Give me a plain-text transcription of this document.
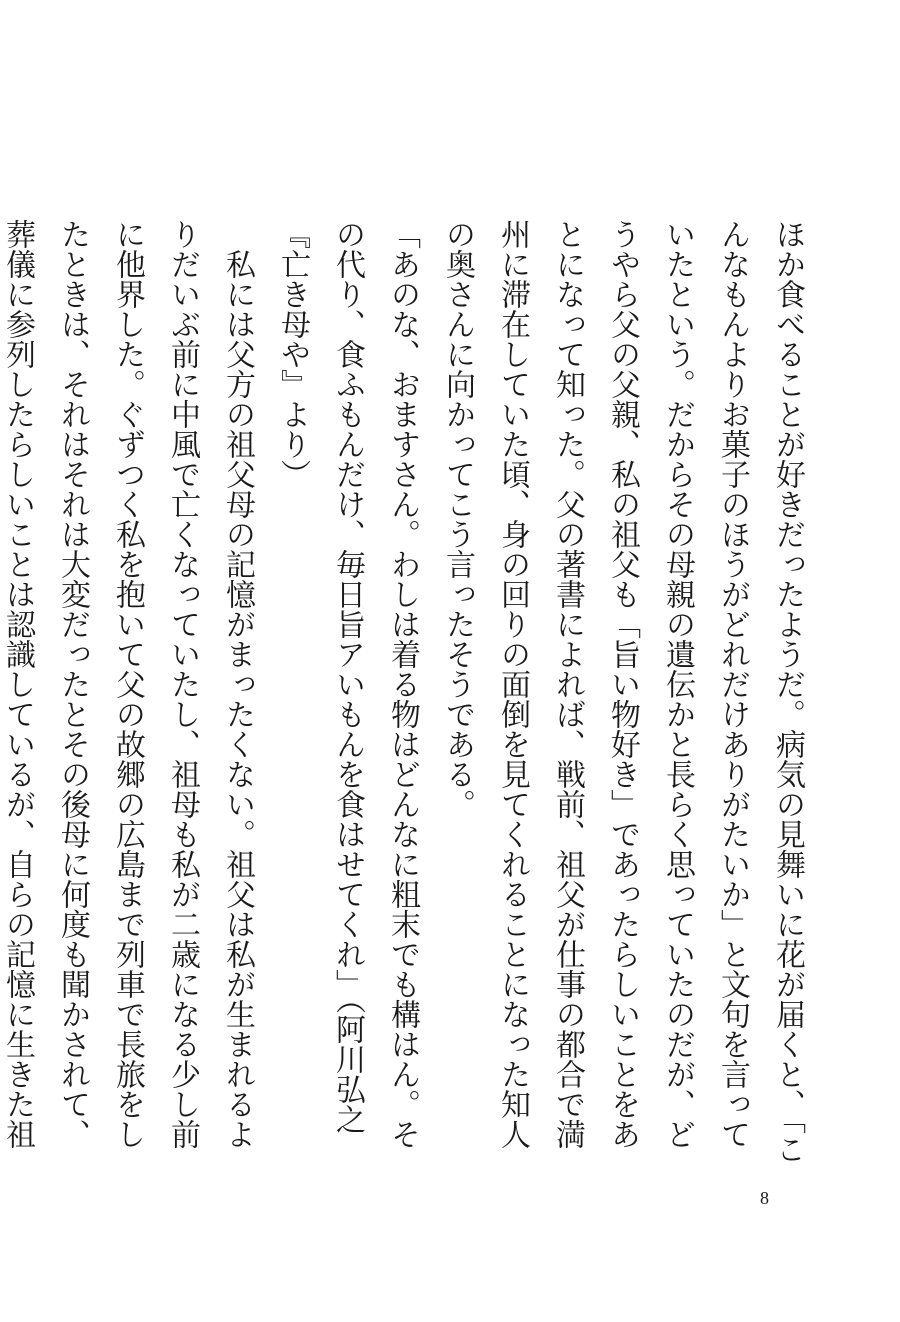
ほか食べることが好きだったようだ。病気の見舞いに花が届くと、「こんなもんよりお菓子のほうがどれだけありがたいか」と文句を言っていたという。だからその母親の遺伝かと長らく思っていたのだが、どうやら父の父親、私の祖父も「旨い物好き」であったらしいことをあとになって知った。父の著書によれば、戦前、祖父が仕事の都合で満州に滞在していた頃、身の回りの面倒を見てくれることになった知人の奥さんに向かってこう言ったそうである。

「あのな、おますさん。わしは着る物はどんなに粗末でも構はん。その代り、食ふもんだけ、毎日旨アいもんを食はせてくれ」（阿川弘之『亡き母や』より）

私には父方の祖父母の記憶がまったくない。祖父は私が生まれるよりだいぶ前に中風で亡くなっていたし、祖母も私が二歳になる少し前に他界した。ぐずつく私を抱いて父の故郷の広島まで列車で長旅をしたときは、それはそれは大変だったとその後母に何度も聞かされて、葬儀に参列したらしいことは認識しているが、自らの記憶に生きた祖

8
